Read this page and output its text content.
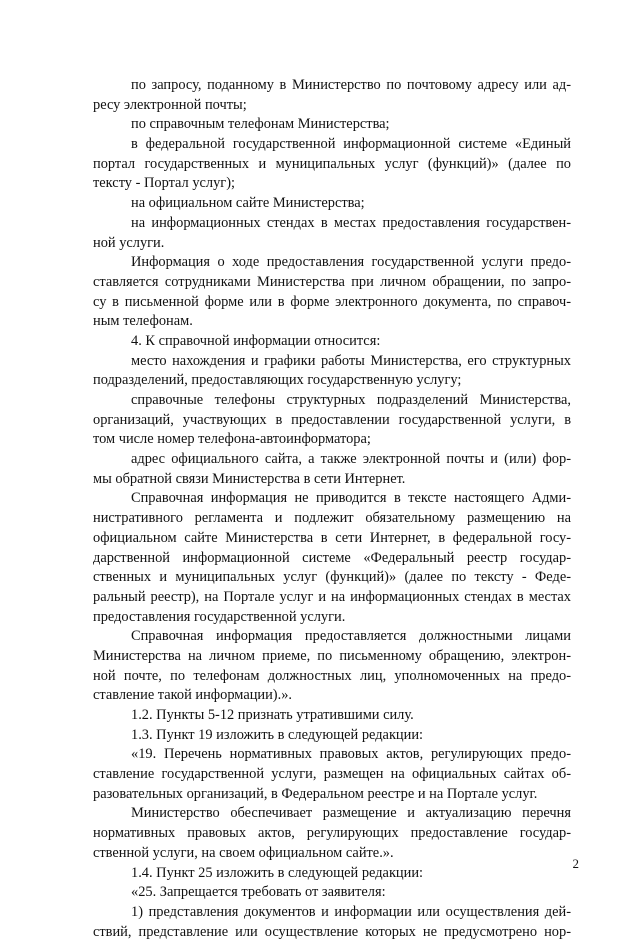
по запросу, поданному в Министерство по почтовому адресу или ад-
ресу электронной почты;
по справочным телефонам Министерства;
в федеральной государственной информационной системе «Единый
портал государственных и муниципальных услуг (функций)» (далее по
тексту - Портал услуг);
на официальном сайте Министерства;
на информационных стендах в местах предоставления государствен-
ной услуги.
Информация о ходе предоставления государственной услуги предо-
ставляется сотрудниками Министерства при личном обращении, по запро-
су в письменной форме или в форме электронного документа, по справоч-
ным телефонам.
4. К справочной информации относится:
место нахождения и графики работы Министерства, его структурных
подразделений, предоставляющих государственную услугу;
справочные телефоны структурных подразделений Министерства,
организаций, участвующих в предоставлении государственной услуги, в
том числе номер телефона-автоинформатора;
адрес официального сайта, а также электронной почты и (или) фор-
мы обратной связи Министерства в сети Интернет.
Справочная информация не приводится в тексте настоящего Адми-
нистративного регламента и подлежит обязательному размещению на
официальном сайте Министерства в сети Интернет, в федеральной госу-
дарственной информационной системе «Федеральный реестр государ-
ственных и муниципальных услуг (функций)» (далее по тексту - Феде-
ральный реестр), на Портале услуг и на информационных стендах в местах
предоставления государственной услуги.
Справочная информация предоставляется должностными лицами
Министерства на личном приеме, по письменному обращению, электрон-
ной почте, по телефонам должностных лиц, уполномоченных на предо-
ставление такой информации).».
1.2. Пункты 5-12 признать утратившими силу.
1.3. Пункт 19 изложить в следующей редакции:
«19. Перечень нормативных правовых актов, регулирующих предо-
ставление государственной услуги, размещен на официальных сайтах об-
разовательных организаций, в Федеральном реестре и на Портале услуг.
Министерство обеспечивает размещение и актуализацию перечня
нормативных правовых актов, регулирующих предоставление государ-
ственной услуги, на своем официальном сайте.».
1.4. Пункт 25 изложить в следующей редакции:
«25. Запрещается требовать от заявителя:
1) представления документов и информации или осуществления дей-
ствий, представление или осуществление которых не предусмотрено нор-
2
